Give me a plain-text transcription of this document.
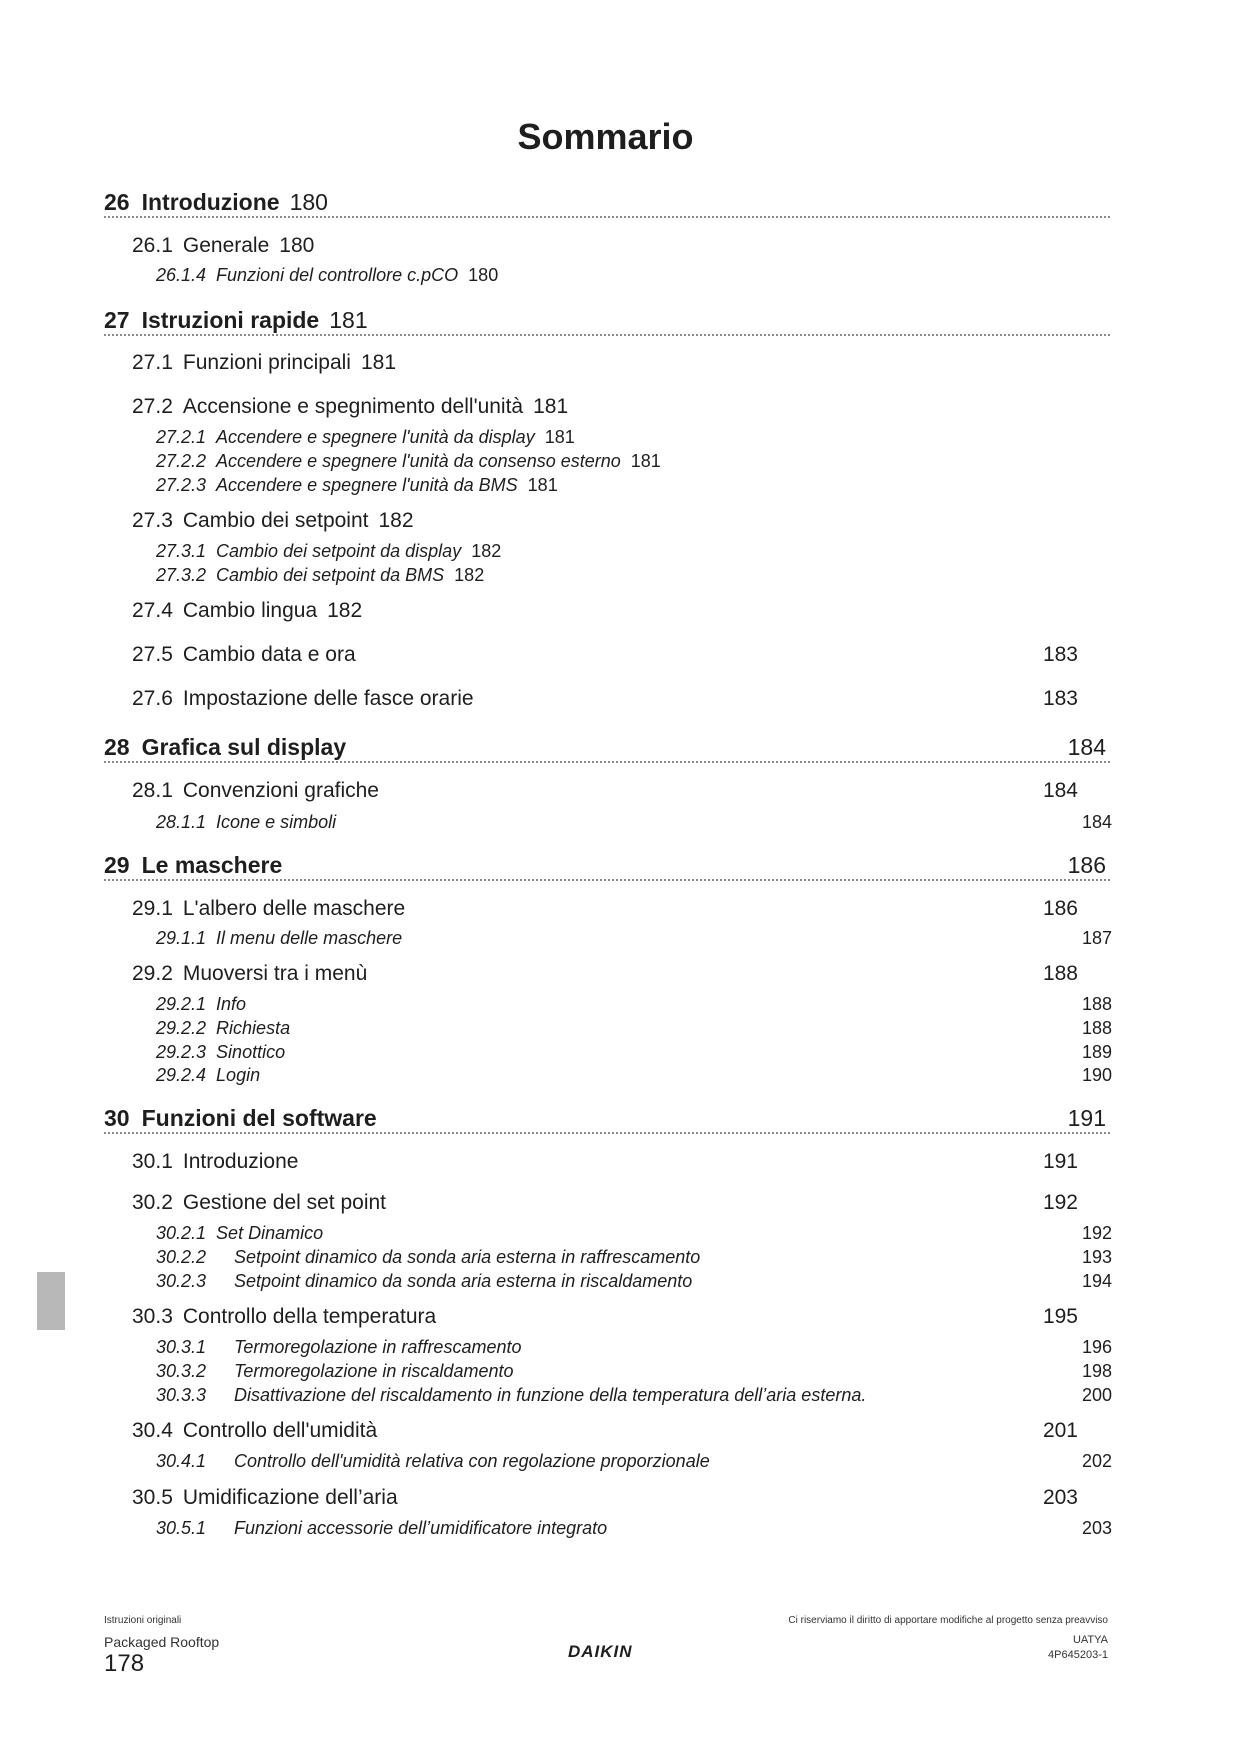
Sommario
26 Introduzione 180
26.1 Generale 180
26.1.4 Funzioni del controllore c.pCO 180
27 Istruzioni rapide 181
27.1 Funzioni principali 181
27.2 Accensione e spegnimento dell'unità 181
27.2.1 Accendere e spegnere l'unità da display 181
27.2.2 Accendere e spegnere l'unità da consenso esterno 181
27.2.3 Accendere e spegnere l'unità da BMS 181
27.3 Cambio dei setpoint 182
27.3.1 Cambio dei setpoint da display 182
27.3.2 Cambio dei setpoint da BMS 182
27.4 Cambio lingua 182
27.5 Cambio data e ora	183
27.6 Impostazione delle fasce orarie	183
28 Grafica sul display	184
28.1 Convenzioni grafiche	184
28.1.1 Icone e simboli	184
29 Le maschere	186
29.1 L'albero delle maschere	186
29.1.1 Il menu delle maschere	187
29.2 Muoversi tra i menù	188
29.2.1 Info	188
29.2.2 Richiesta	188
29.2.3 Sinottico	189
29.2.4 Login	190
30 Funzioni del software	191
30.1 Introduzione	191
30.2 Gestione del set point	192
30.2.1 Set Dinamico	192
30.2.2 Setpoint dinamico da sonda aria esterna in raffrescamento	193
30.2.3 Setpoint dinamico da sonda aria esterna in riscaldamento	194
30.3 Controllo della temperatura	195
30.3.1 Termoregolazione in raffrescamento	196
30.3.2 Termoregolazione in riscaldamento	198
30.3.3 Disattivazione del riscaldamento in funzione della temperatura dell’aria esterna.	200
30.4 Controllo dell'umidità	201
30.4.1 Controllo dell'umidità relativa con regolazione proporzionale	202
30.5 Umidificazione dell’aria	203
30.5.1 Funzioni accessorie dell’umidificatore integrato	203
Istruzioni originali
Packaged Rooftop
178	DAIKIN
Ci riserviamo il diritto di apportare modifiche al progetto senza preavviso
UATYA
4P645203-1
